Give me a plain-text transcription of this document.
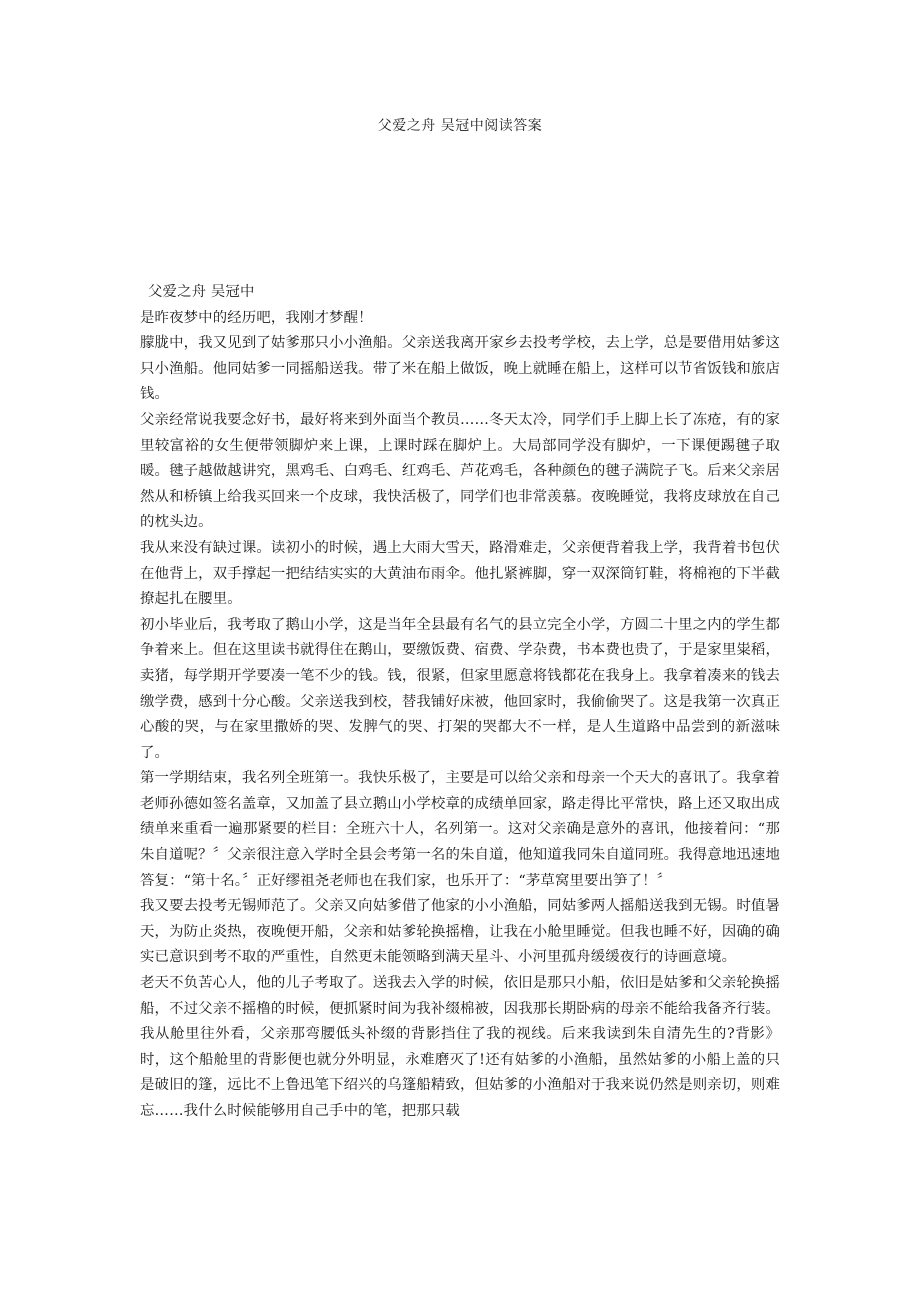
父爱之舟 吴冠中阅读答案

父爱之舟 吴冠中

是昨夜梦中的经历吧，我刚才梦醒！

朦胧中，我又见到了姑爹那只小小渔船。父亲送我离开家乡去投考学校，去上学，总是要借用姑爹这只小渔船。他同姑爹一同摇船送我。带了米在船上做饭，晚上就睡在船上，这样可以节省饭钱和旅店钱。

父亲经常说我要念好书，最好将来到外面当个教员……冬天太冷，同学们手上脚上长了冻疮，有的家里较富裕的女生便带领脚炉来上课，上课时踩在脚炉上。大局部同学没有脚炉，一下课便踢毽子取暖。毽子越做越讲究，黑鸡毛、白鸡毛、红鸡毛、芦花鸡毛，各种颜色的毽子满院子飞。后来父亲居然从和桥镇上给我买回来一个皮球，我快活极了，同学们也非常羡慕。夜晚睡觉，我将皮球放在自己的枕头边。

我从来没有缺过课。读初小的时候，遇上大雨大雪天，路滑难走，父亲便背着我上学，我背着书包伏在他背上，双手撑起一把结结实实的大黄油布雨伞。他扎紧裤脚，穿一双深筒钉鞋，将棉袍的下半截撩起扎在腰里。

初小毕业后，我考取了鹅山小学，这是当年全县最有名气的县立完全小学，方圆二十里之内的学生都争着来上。但在这里读书就得住在鹅山，要缴饭费、宿费、学杂费，书本费也贵了，于是家里粜稻，卖猪，每学期开学要凑一笔不少的钱。钱，很紧，但家里愿意将钱都花在我身上。我拿着凑来的钱去缴学费，感到十分心酸。父亲送我到校，替我铺好床被，他回家时，我偷偷哭了。这是我第一次真正心酸的哭，与在家里撒娇的哭、发脾气的哭、打架的哭都大不一样，是人生道路中品尝到的新滋味了。

第一学期结束，我名列全班第一。我快乐极了，主要是可以给父亲和母亲一个天大的喜讯了。我拿着老师孙德如签名盖章，又加盖了县立鹅山小学校章的成绩单回家，路走得比平常快，路上还又取出成绩单来重看一遍那紧要的栏目：全班六十人，名列第一。这对父亲确是意外的喜讯，他接着问：“那朱自道呢？〞父亲很注意入学时全县会考第一名的朱自道，他知道我同朱自道同班。我得意地迅速地答复：“第十名。〞正好缪祖尧老师也在我们家，也乐开了：“茅草窝里要出笋了！〞

我又要去投考无锡师范了。父亲又向姑爹借了他家的小小渔船，同姑爹两人摇船送我到无锡。时值暑天，为防止炎热，夜晚便开船，父亲和姑爹轮换摇橹，让我在小舱里睡觉。但我也睡不好，因确的确实已意识到考不取的严重性，自然更未能领略到满天星斗、小河里孤舟缓缓夜行的诗画意境。

老天不负苦心人，他的儿子考取了。送我去入学的时候，依旧是那只小船，依旧是姑爹和父亲轮换摇船，不过父亲不摇橹的时候，便抓紧时间为我补缀棉被，因我那长期卧病的母亲不能给我备齐行装。我从舱里往外看，父亲那弯腰低头补缀的背影挡住了我的视线。后来我读到朱自清先生的?背影》时，这个船舱里的背影便也就分外明显，永难磨灭了!还有姑爹的小渔船，虽然姑爹的小船上盖的只是破旧的篷，远比不上鲁迅笔下绍兴的乌篷船精致，但姑爹的小渔船对于我来说仍然是则亲切，则难忘……我什么时候能够用自己手中的笔，把那只载
